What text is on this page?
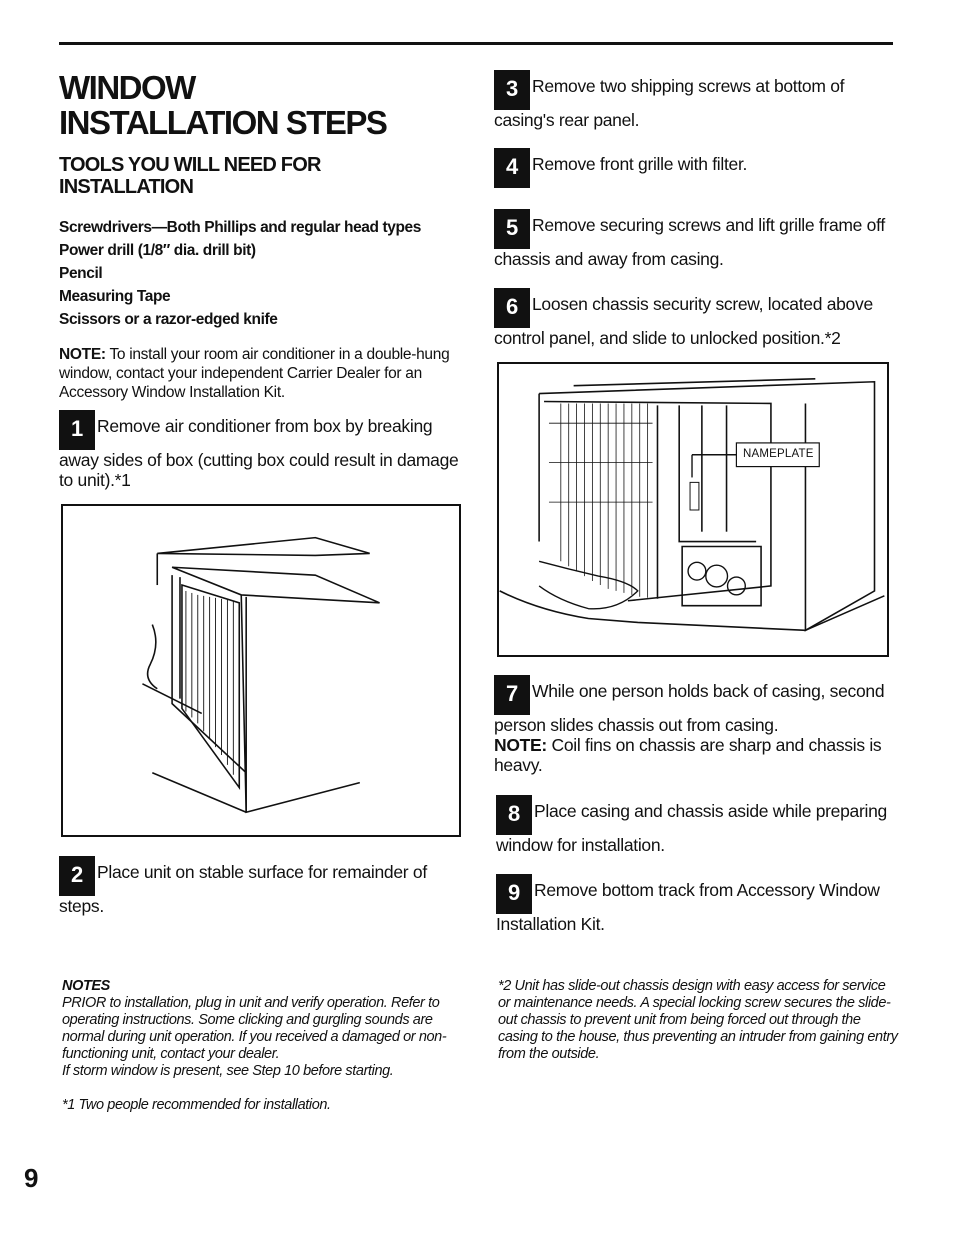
WINDOW INSTALLATION STEPS
TOOLS YOU WILL NEED FOR INSTALLATION

Screwdrivers—Both Phillips and regular head types

Power drill (1/8″ dia. drill bit)

Pencil

Measuring Tape

Scissors or a razor-edged knife

NOTE: To install your room air conditioner in a double-hung window, contact your independent Carrier Dealer for an Accessory Window Installation Kit.

1 Remove air conditioner from box by breaking away sides of box (cutting box could result in damage to unit).*1

2 Place unit on stable surface for remainder of steps.

3 Remove two shipping screws at bottom of casing's rear panel.

4 Remove front grille with filter.

5 Remove securing screws and lift grille frame off chassis and away from casing.

6 Loosen chassis security screw, located above control panel, and slide to unlocked position.*2

NAMEPLATE

7 While one person holds back of casing, second person slides chassis out from casing.
NOTE: Coil fins on chassis are sharp and chassis is heavy.

8 Place casing and chassis aside while preparing window for installation.

9 Remove bottom track from Accessory Window Installation Kit.

NOTES

PRIOR to installation, plug in unit and verify operation. Refer to operating instructions. Some clicking and gurgling sounds are normal during unit operation. If you received a damaged or non-functioning unit, contact your dealer.

If storm window is present, see Step 10 before starting.

*2 Unit has slide-out chassis design with easy access for service or maintenance needs. A special locking screw secures the slide-out chassis to prevent unit from being forced out through the casing to the house, thus preventing an intruder from gaining entry from the outside.

*1 Two people recommended for installation.

9
